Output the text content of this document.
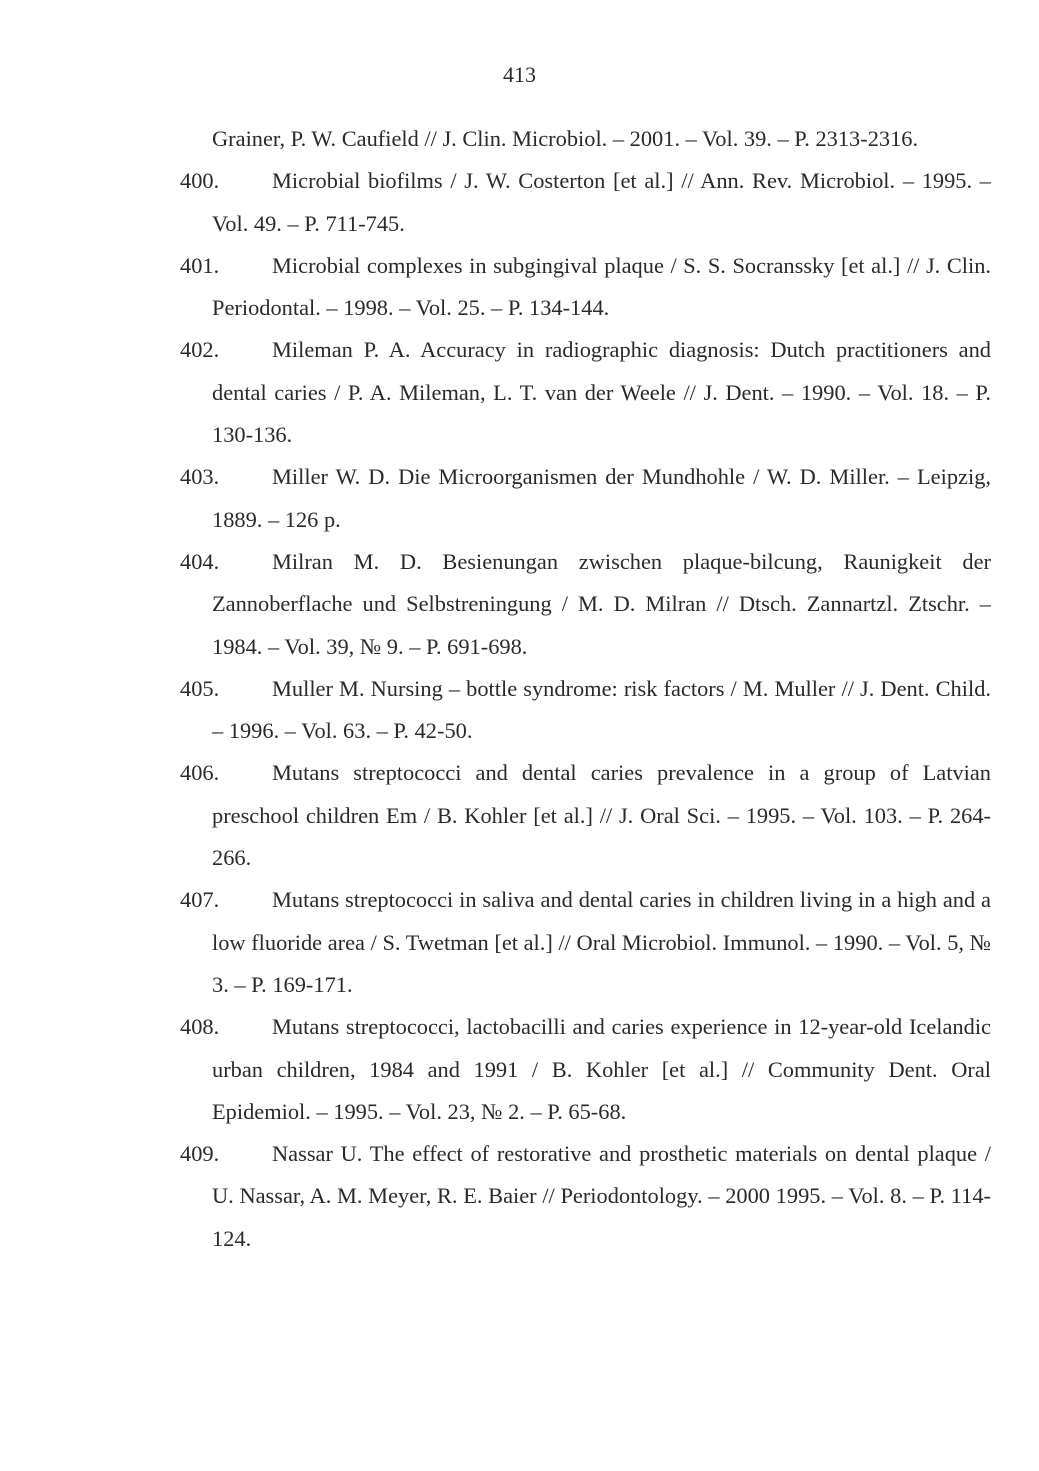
413

Grainer, P. W. Caufield // J. Clin. Microbiol. – 2001. – Vol. 39. – P. 2313-2316.

400.	Microbial biofilms / J. W. Costerton [et al.] // Ann. Rev. Microbiol. – 1995. – Vol. 49. – P. 711-745.

401.	Microbial complexes in subgingival plaque / S. S. Socranssky [et al.] // J. Clin. Periodontal. – 1998. – Vol. 25. – P. 134-144.

402.	Mileman P. A. Accuracy in radiographic diagnosis: Dutch practitioners and dental caries / P. A. Mileman, L. T. van der Weele // J. Dent. – 1990. – Vol. 18. – P. 130-136.

403.	Miller W. D. Die Microorganismen der Mundhohle / W. D. Miller. – Leipzig, 1889. – 126 p.

404.	Milran M. D. Besienungan zwischen plaque-bilcung, Raunigkeit der Zannoberflache und Selbstreningung / M. D. Milran // Dtsch. Zannartzl. Ztschr. – 1984. – Vol. 39, № 9. – P. 691-698.

405.	Muller M. Nursing – bottle syndrome: risk factors / M. Muller // J. Dent. Child. – 1996. – Vol. 63. – P. 42-50.

406.	Mutans streptococci and dental caries prevalence in a group of Latvian preschool children Em / B. Kohler [et al.] // J. Oral Sci. – 1995. – Vol. 103. – P. 264-266.

407.	Mutans streptococci in saliva and dental caries in children living in a high and a low fluoride area / S. Twetman [et al.] // Oral Microbiol. Immunol. – 1990. – Vol. 5, № 3. – P. 169-171.

408.	Mutans streptococci, lactobacilli and caries experience in 12-year-old Icelandic urban children, 1984 and 1991 / B. Kohler [et al.] // Community Dent. Oral Epidemiol. – 1995. – Vol. 23, № 2. – P. 65-68.

409.	Nassar U. The effect of restorative and prosthetic materials on dental plaque / U. Nassar, A. M. Meyer, R. E. Baier // Periodontology. – 2000 1995. – Vol. 8. – P. 114-124.
